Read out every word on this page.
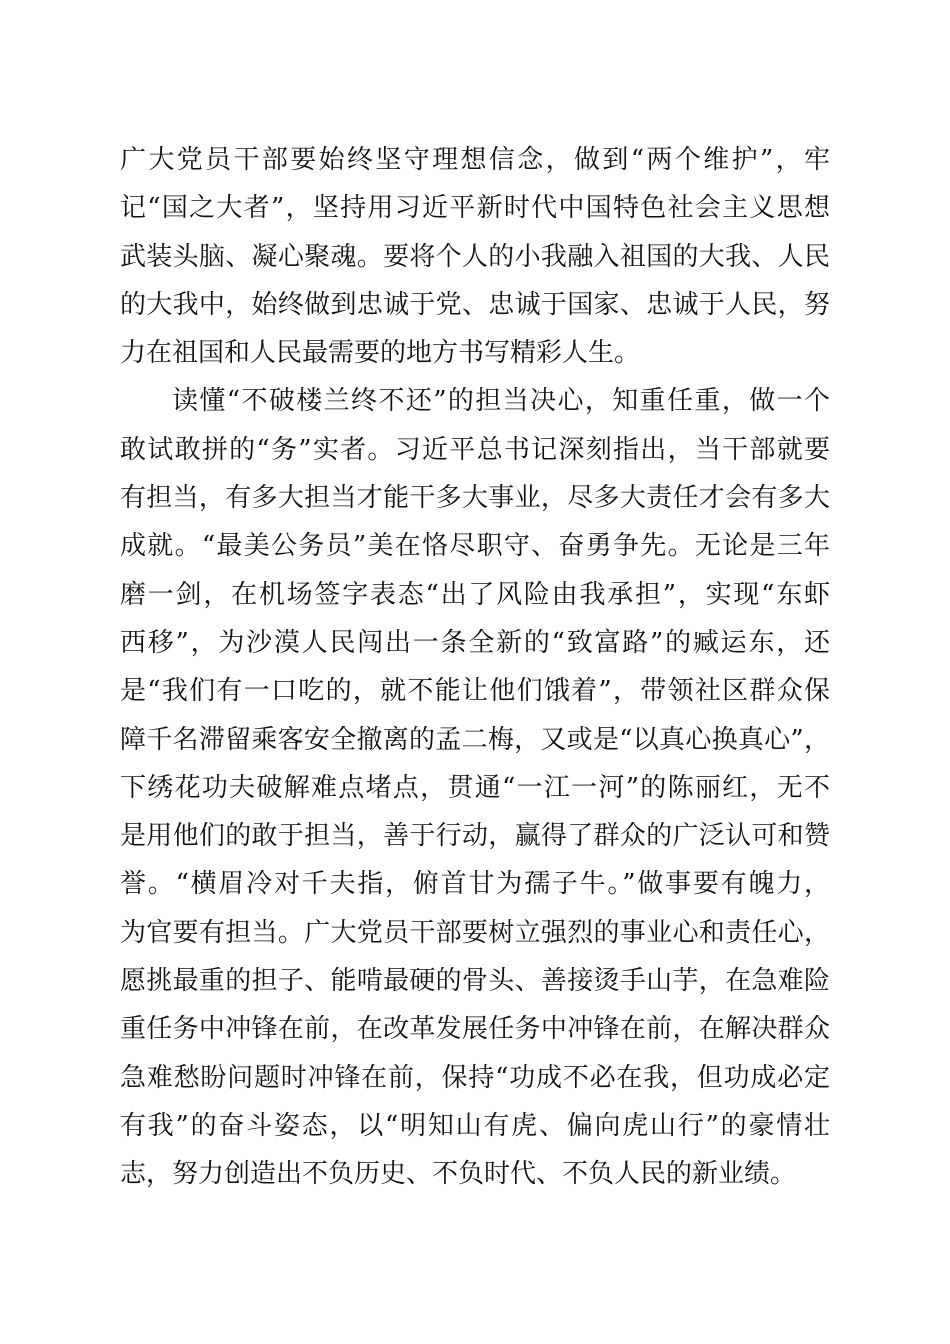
广大党员干部要始终坚守理想信念，做到“两个维护”，牢
记“国之大者”，坚持用习近平新时代中国特色社会主义思想
武装头脑、凝心聚魂。要将个人的小我融入祖国的大我、人民
的大我中，始终做到忠诚于党、忠诚于国家、忠诚于人民，努
力在祖国和人民最需要的地方书写精彩人生。
读懂“不破楼兰终不还”的担当决心，知重任重，做一个
敢试敢拼的“务”实者。习近平总书记深刻指出，当干部就要
有担当，有多大担当才能干多大事业，尽多大责任才会有多大
成就。“最美公务员”美在恪尽职守、奋勇争先。无论是三年
磨一剑，在机场签字表态“出了风险由我承担”，实现“东虾
西移”，为沙漠人民闯出一条全新的“致富路”的臧运东，还
是“我们有一口吃的，就不能让他们饿着”，带领社区群众保
障千名滞留乘客安全撤离的孟二梅，又或是“以真心换真心”，
下绣花功夫破解难点堵点，贯通“一江一河”的陈丽红，无不
是用他们的敢于担当，善于行动，赢得了群众的广泛认可和赞
誉。“横眉冷对千夫指，俯首甘为孺子牛。”做事要有魄力，
为官要有担当。广大党员干部要树立强烈的事业心和责任心，
愿挑最重的担子、能啃最硬的骨头、善接烫手山芋，在急难险
重任务中冲锋在前，在改革发展任务中冲锋在前，在解决群众
急难愁盼问题时冲锋在前，保持“功成不必在我，但功成必定
有我”的奋斗姿态，以“明知山有虎、偏向虎山行”的豪情壮
志，努力创造出不负历史、不负时代、不负人民的新业绩。
